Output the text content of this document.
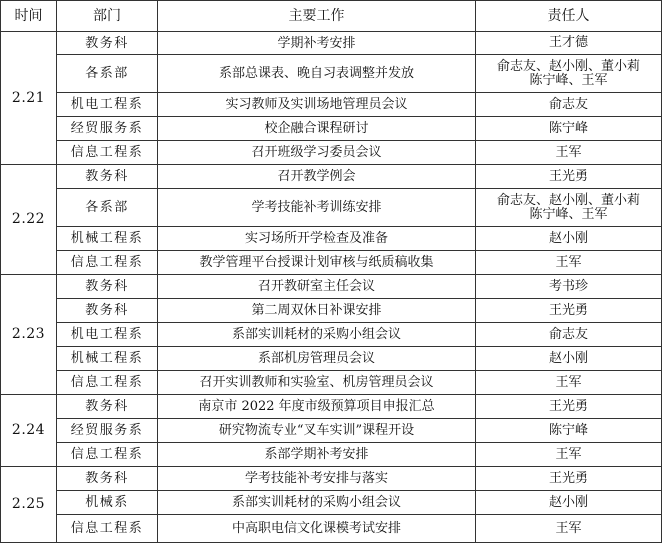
时间	部门	主要工作	责任人
2.21	教务科	学期补考安排	王才德

	各系部	系部总课表、晚自习表调整并发放	俞志友、赵小刚、董小莉
陈宁峰、王军

	机电工程系	实习教师及实训场地管理员会议	俞志友

	经贸服务系	校企融合课程研讨	陈宁峰

	信息工程系	召开班级学习委员会议	王军

2.22	教务科	召开教学例会	王光勇

	各系部	学考技能补考训练安排	俞志友、赵小刚、董小莉
陈宁峰、王军

	机械工程系	实习场所开学检查及准备	赵小刚

	信息工程系	教学管理平台授课计划审核与纸质稿收集	王军

2.23	教务科	召开教研室主任会议	考书珍

	教务科	第二周双休日补课安排	王光勇

	机电工程系	系部实训耗材的采购小组会议	俞志友

	机械工程系	系部机房管理员会议	赵小刚

	信息工程系	召开实训教师和实验室、机房管理员会议	王军

2.24	教务科	南京市 2022 年度市级预算项目申报汇总	王光勇

	经贸服务系	研究物流专业“叉车实训”课程开设	陈宁峰

	信息工程系	系部学期补考安排	王军

2.25	教务科	学考技能补考安排与落实	王光勇

	机械系	系部实训耗材的采购小组会议	赵小刚

	信息工程系	中高职电信文化课模考试安排	王军
